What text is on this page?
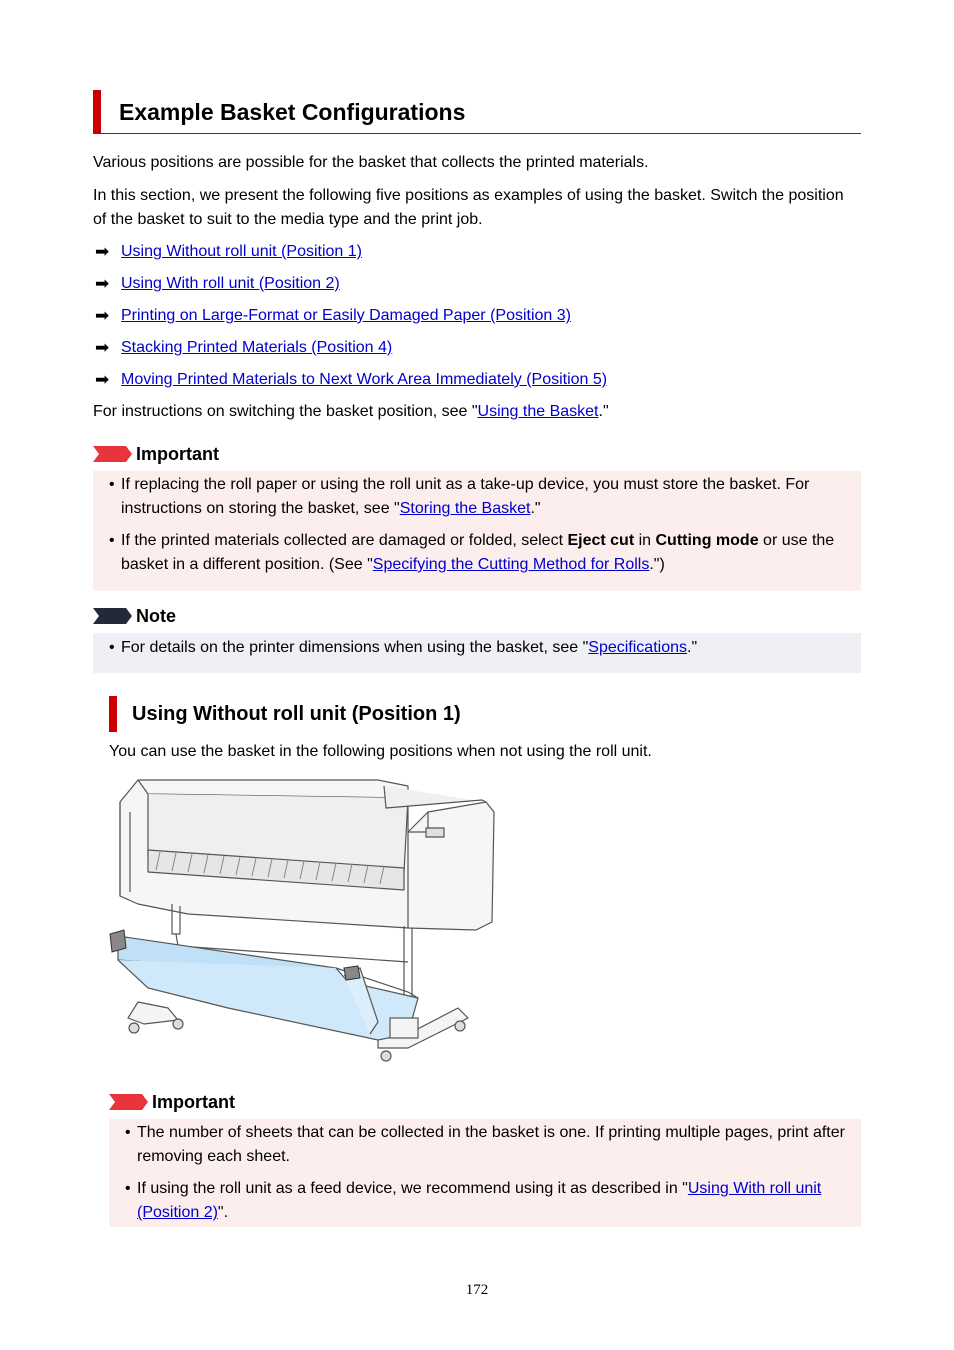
Example Basket Configurations
Various positions are possible for the basket that collects the printed materials.
In this section, we present the following five positions as examples of using the basket. Switch the position of the basket to suit to the media type and the print job.
➡ Using Without roll unit (Position 1)
➡ Using With roll unit (Position 2)
➡ Printing on Large-Format or Easily Damaged Paper (Position 3)
➡ Stacking Printed Materials (Position 4)
➡ Moving Printed Materials to Next Work Area Immediately (Position 5)
For instructions on switching the basket position, see "Using the Basket."
Important
• If replacing the roll paper or using the roll unit as a take-up device, you must store the basket. For instructions on storing the basket, see "Storing the Basket."
• If the printed materials collected are damaged or folded, select Eject cut in Cutting mode or use the basket in a different position. (See "Specifying the Cutting Method for Rolls.")
Note
• For details on the printer dimensions when using the basket, see "Specifications."
Using Without roll unit (Position 1)
You can use the basket in the following positions when not using the roll unit.
Important
• The number of sheets that can be collected in the basket is one. If printing multiple pages, print after removing each sheet.
• If using the roll unit as a feed device, we recommend using it as described in "Using With roll unit (Position 2)".
172
